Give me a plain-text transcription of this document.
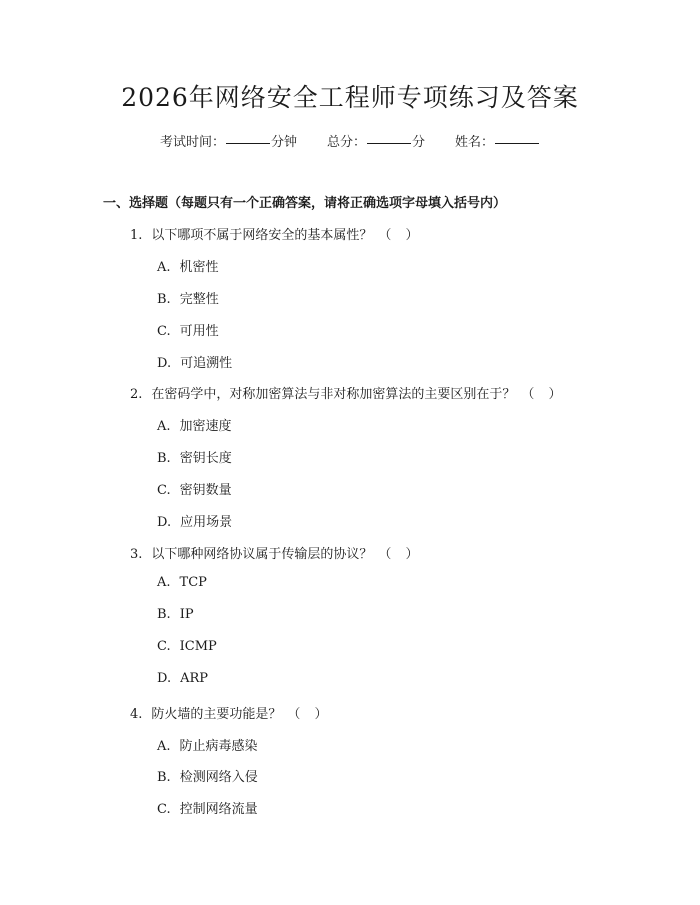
2026年网络安全工程师专项练习及答案
考试时间：	分钟 总分：	分 姓名：
一、选择题（每题只有一个正确答案，请将正确选项字母填入括号内）
1. 以下哪项不属于网络安全的基本属性？ （ ）
A. 机密性
B. 完整性
C. 可用性
D. 可追溯性
2. 在密码学中，对称加密算法与非对称加密算法的主要区别在于？ （ ）
A. 加密速度
B. 密钥长度
C. 密钥数量
D. 应用场景
3. 以下哪种网络协议属于传输层的协议？ （ ）
A. TCP
B. IP
C. ICMP
D. ARP
4. 防火墙的主要功能是？ （ ）
A. 防止病毒感染
B. 检测网络入侵
C. 控制网络流量
